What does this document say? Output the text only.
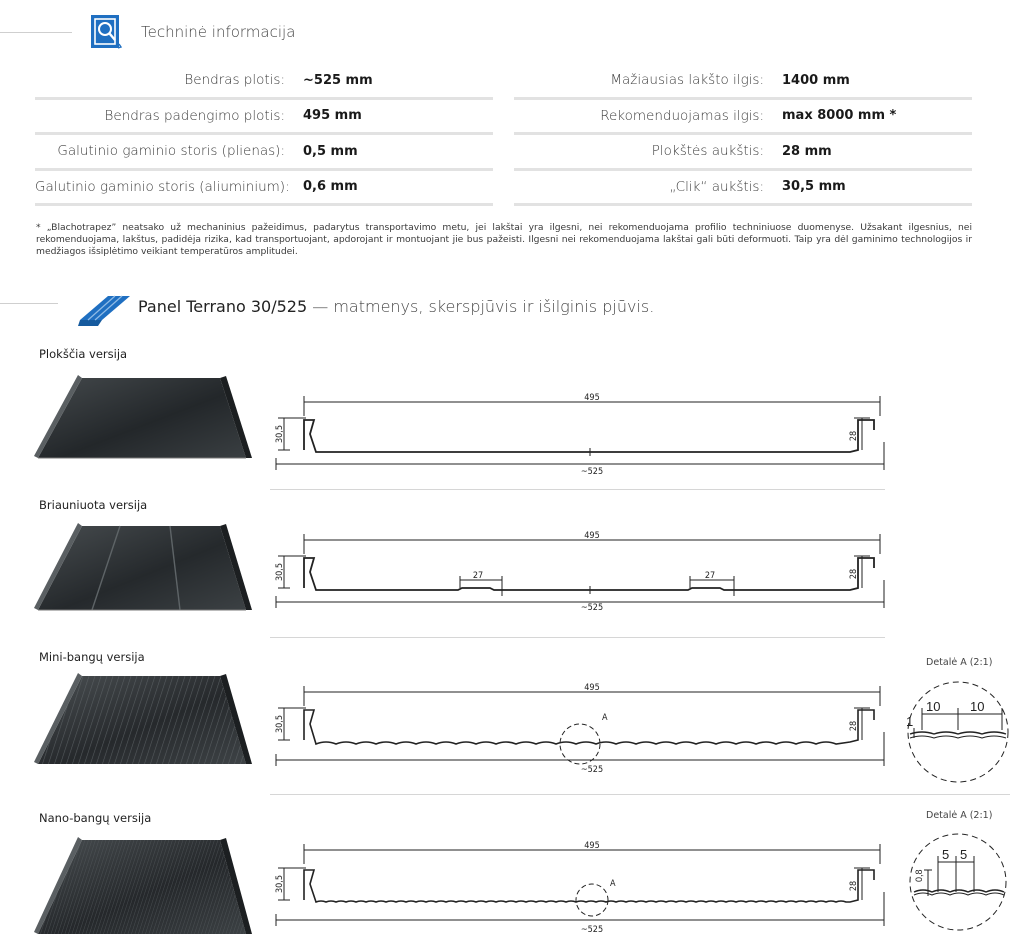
Techninė informacija
Bendras plotis:	~525 mm
Bendras padengimo plotis:	495 mm
Galutinio gaminio storis (plienas):	0,5 mm
Galutinio gaminio storis (aliuminium):	0,6 mm
Mažiausias lakšto ilgis:	1400 mm
Rekomenduojamas ilgis:	max 8000 mm *
Plokštės aukštis:	28 mm
„Clik“ aukštis:	30,5 mm
* „Blachotrapez” neatsako už mechaninius pažeidimus, padarytus transportavimo metu, jei lakštai yra ilgesni, nei rekomenduojama profilio techniniuose duomenyse. Užsakant ilgesnius, nei rekomenduojama, lakštus, padidėja rizika, kad transportuojant, apdorojant ir montuojant jie bus pažeisti. Ilgesni nei rekomenduojama lakštai gali būti deformuoti. Taip yra dėl gaminimo technologijos ir medžiagos išsiplėtimo veikiant temperatūros amplitudei.
Panel Terrano 30/525 — matmenys, skerspjūvis ir išilginis pjūvis.
Plokščia versija
495
~525
30,5	28
Briauniuota versija
495
~525
30,5	28
27	27
Mini-bangų versija
A
495
~525
30,5	28
Detalė A (2:1)
1
10 10
Nano-bangų versija
A
495
~525
30,5	28
Detalė A (2:1)
0,8
5 5
